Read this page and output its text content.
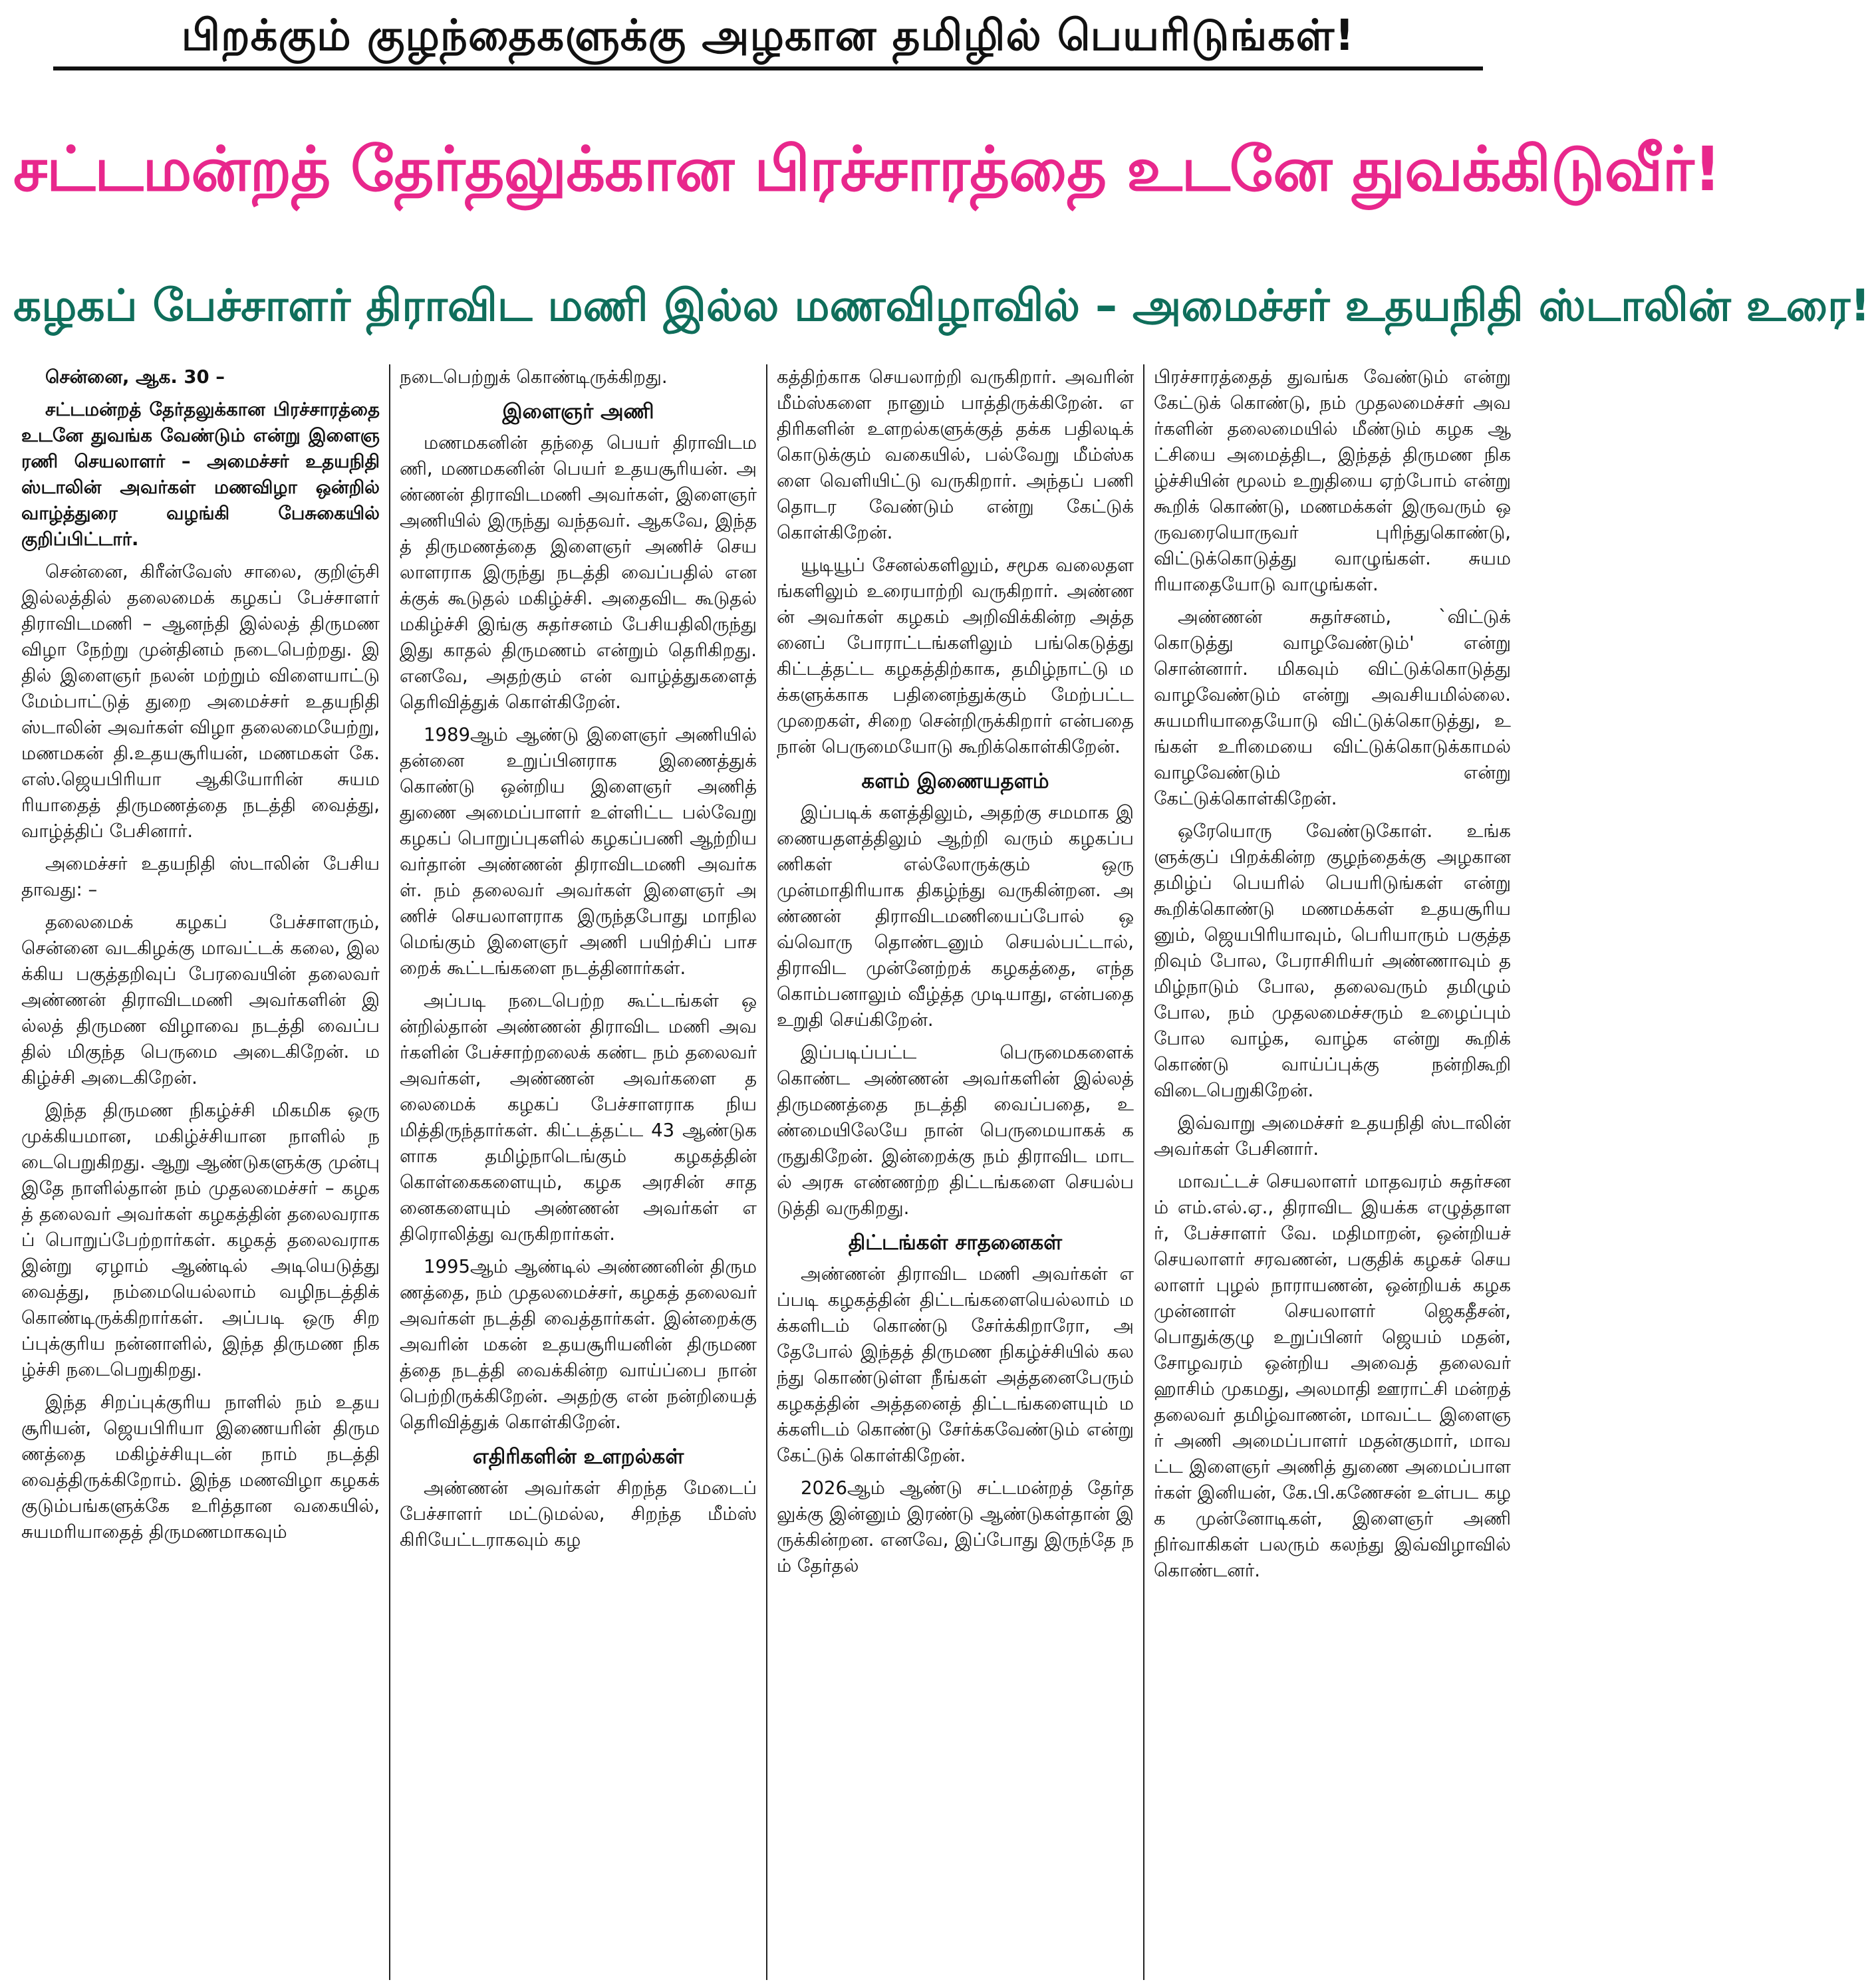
பிறக்கும் குழந்தைகளுக்கு அழகான தமிழில் பெயரிடுங்கள்!
சட்டமன்றத் தேர்தலுக்கான பிரச்சாரத்தை உடனே துவக்கிடுவீர்!
கழகப் பேச்சாளர் திராவிட மணி இல்ல மணவிழாவில் – அமைச்சர் உதயநிதி ஸ்டாலின் உரை!

சென்னை, ஆக. 30 –

சட்டமன்றத் தேர்தலுக்கான பிரச்சாரத்தை உடனே துவங்க வேண்டும் என்று இளைஞரணி செயலாளர் – அமைச்சர் உதயநிதி ஸ்டாலின் அவர்கள் மணவிழா ஒன்றில் வாழ்த்துரை வழங்கி பேசுகையில் குறிப்பிட்டார்.

சென்னை, கிரீன்வேஸ் சாலை, குறிஞ்சி இல்லத்தில் தலைமைக் கழகப் பேச்சாளர் திராவிடமணி – ஆனந்தி இல்லத் திருமண விழா நேற்று முன்தினம் நடைபெற்றது. இதில் இளைஞர் நலன் மற்றும் விளையாட்டு மேம்பாட்டுத் துறை அமைச்சர் உதயநிதி ஸ்டாலின் அவர்கள் விழா தலைமையேற்று, மணமகன் தி.உதயசூரியன், மணமகள் கே.எஸ்.ஜெயபிரியா ஆகியோரின் சுயமரியாதைத் திருமணத்தை நடத்தி வைத்து, வாழ்த்திப் பேசினார்.

அமைச்சர் உதயநிதி ஸ்டாலின் பேசியதாவது: –

தலைமைக் கழகப் பேச்சாளரும், சென்னை வடகிழக்கு மாவட்டக் கலை, இலக்கிய பகுத்தறிவுப் பேரவையின் தலைவர் அண்ணன் திராவிடமணி அவர்களின் இல்லத் திருமண விழாவை நடத்தி வைப்பதில் மிகுந்த பெருமை அடைகிறேன். மகிழ்ச்சி அடைகிறேன்.

இந்த திருமண நிகழ்ச்சி மிகமிக ஒரு முக்கியமான, மகிழ்ச்சியான நாளில் நடைபெறுகிறது. ஆறு ஆண்டுகளுக்கு முன்பு இதே நாளில்தான் நம் முதலமைச்சர் – கழகத் தலைவர் அவர்கள் கழகத்தின் தலைவராகப் பொறுப்பேற்றார்கள். கழகத் தலைவராக இன்று ஏழாம் ஆண்டில் அடியெடுத்து வைத்து, நம்மையெல்லாம் வழிநடத்திக் கொண்டிருக்கிறார்கள். அப்படி ஒரு சிறப்புக்குரிய நன்னாளில், இந்த திருமண நிகழ்ச்சி நடைபெறுகிறது.

இந்த சிறப்புக்குரிய நாளில் நம் உதயசூரியன், ஜெயபிரியா இணையரின் திருமணத்தை மகிழ்ச்சியுடன் நாம் நடத்தி வைத்திருக்கிறோம். இந்த மணவிழா கழகக் குடும்பங்களுக்கே உரித்தான வகையில், சுயமரியாதைத் திருமணமாகவும்

நடைபெற்றுக் கொண்டிருக்கிறது.

இளைஞர் அணி

மணமகனின் தந்தை பெயர் திராவிடமணி, மணமகனின் பெயர் உதயசூரியன். அண்ணன் திராவிடமணி அவர்கள், இளைஞர் அணியில் இருந்து வந்தவர். ஆகவே, இந்தத் திருமணத்தை இளைஞர் அணிச் செயலாளராக இருந்து நடத்தி வைப்பதில் எனக்குக் கூடுதல் மகிழ்ச்சி. அதைவிட கூடுதல் மகிழ்ச்சி இங்கு சுதர்சனம் பேசியதிலிருந்து இது காதல் திருமணம் என்றும் தெரிகிறது. எனவே, அதற்கும் என் வாழ்த்துகளைத் தெரிவித்துக் கொள்கிறேன்.

1989ஆம் ஆண்டு இளைஞர் அணியில் தன்னை உறுப்பினராக இணைத்துக் கொண்டு ஒன்றிய இளைஞர் அணித் துணை அமைப்பாளர் உள்ளிட்ட பல்வேறு கழகப் பொறுப்புகளில் கழகப்பணி ஆற்றியவர்தான் அண்ணன் திராவிடமணி அவர்கள். நம் தலைவர் அவர்கள் இளைஞர் அணிச் செயலாளராக இருந்தபோது மாநிலமெங்கும் இளைஞர் அணி பயிற்சிப் பாசறைக் கூட்டங்களை நடத்தினார்கள்.

அப்படி நடைபெற்ற கூட்டங்கள் ஒன்றில்தான் அண்ணன் திராவிட மணி அவர்களின் பேச்சாற்றலைக் கண்ட நம் தலைவர் அவர்கள், அண்ணன் அவர்களை தலைமைக் கழகப் பேச்சாளராக நியமித்திருந்தார்கள். கிட்டத்தட்ட 43 ஆண்டுகளாக தமிழ்நாடெங்கும் கழகத்தின் கொள்கைகளையும், கழக அரசின் சாதனைகளையும் அண்ணன் அவர்கள் எதிரொலித்து வருகிறார்கள்.

1995ஆம் ஆண்டில் அண்ணனின் திருமணத்தை, நம் முதலமைச்சர், கழகத் தலைவர் அவர்கள் நடத்தி வைத்தார்கள். இன்றைக்கு அவரின் மகன் உதயசூரியனின் திருமணத்தை நடத்தி வைக்கின்ற வாய்ப்பை நான் பெற்றிருக்கிறேன். அதற்கு என் நன்றியைத் தெரிவித்துக் கொள்கிறேன்.

எதிரிகளின் உளறல்கள்

அண்ணன் அவர்கள் சிறந்த மேடைப் பேச்சாளர் மட்டுமல்ல, சிறந்த மீம்ஸ் கிரியேட்டராகவும் கழ

கத்திற்காக செயலாற்றி வருகிறார். அவரின் மீம்ஸ்களை நானும் பாத்திருக்கிறேன். எதிரிகளின் உளறல்களுக்குத் தக்க பதிலடிக் கொடுக்கும் வகையில், பல்வேறு மீம்ஸ்களை வெளியிட்டு வருகிறார். அந்தப் பணி தொடர வேண்டும் என்று கேட்டுக் கொள்கிறேன்.

யூடியூப் சேனல்களிலும், சமூக வலைதளங்களிலும் உரையாற்றி வருகிறார். அண்ணன் அவர்கள் கழகம் அறிவிக்கின்ற அத்தனைப் போராட்டங்களிலும் பங்கெடுத்து கிட்டத்தட்ட கழகத்திற்காக, தமிழ்நாட்டு மக்களுக்காக பதினைந்துக்கும் மேற்பட்ட முறைகள், சிறை சென்றிருக்கிறார் என்பதை நான் பெருமையோடு கூறிக்கொள்கிறேன்.

களம் இணையதளம்

இப்படிக் களத்திலும், அதற்கு சமமாக இணையதளத்திலும் ஆற்றி வரும் கழகப்பணிகள் எல்லோருக்கும் ஒரு முன்மாதிரியாக திகழ்ந்து வருகின்றன. அண்ணன் திராவிடமணியைப்போல் ஒவ்வொரு தொண்டனும் செயல்பட்டால், திராவிட முன்னேற்றக் கழகத்தை, எந்த கொம்பனாலும் வீழ்த்த முடியாது, என்பதை உறுதி செய்கிறேன்.

இப்படிப்பட்ட பெருமைகளைக் கொண்ட அண்ணன் அவர்களின் இல்லத் திருமணத்தை நடத்தி வைப்பதை, உண்மையிலேயே நான் பெருமையாகக் கருதுகிறேன். இன்றைக்கு நம் திராவிட மாடல் அரசு எண்ணற்ற திட்டங்களை செயல்படுத்தி வருகிறது.

திட்டங்கள் சாதனைகள்

அண்ணன் திராவிட மணி அவர்கள் எப்படி கழகத்தின் திட்டங்களையெல்லாம் மக்களிடம் கொண்டு சேர்க்கிறாரோ, அதேபோல் இந்தத் திருமண நிகழ்ச்சியில் கலந்து கொண்டுள்ள நீங்கள் அத்தனைபேரும் கழகத்தின் அத்தனைத் திட்டங்களையும் மக்களிடம் கொண்டு சேர்க்கவேண்டும் என்று கேட்டுக் கொள்கிறேன்.

2026ஆம் ஆண்டு சட்டமன்றத் தேர்தலுக்கு இன்னும் இரண்டு ஆண்டுகள்தான் இருக்கின்றன. எனவே, இப்போது இருந்தே நம் தேர்தல்

பிரச்சாரத்தைத் துவங்க வேண்டும் என்று கேட்டுக் கொண்டு, நம் முதலமைச்சர் அவர்களின் தலைமையில் மீண்டும் கழக ஆட்சியை அமைத்திட, இந்தத் திருமண நிகழ்ச்சியின் மூலம் உறுதியை ஏற்போம் என்று கூறிக் கொண்டு, மணமக்கள் இருவரும் ஒருவரையொருவர் புரிந்துகொண்டு, விட்டுக்கொடுத்து வாழுங்கள். சுயமரியாதையோடு வாழுங்கள்.

அண்ணன் சுதர்சனம், `விட்டுக் கொடுத்து வாழவேண்டும்' என்று சொன்னார். மிகவும் விட்டுக்கொடுத்து வாழவேண்டும் என்று அவசியமில்லை. சுயமரியாதையோடு விட்டுக்கொடுத்து, உங்கள் உரிமையை விட்டுக்கொடுக்காமல் வாழவேண்டும் என்று கேட்டுக்கொள்கிறேன்.

ஒரேயொரு வேண்டுகோள். உங்களுக்குப் பிறக்கின்ற குழந்தைக்கு அழகான தமிழ்ப் பெயரில் பெயரிடுங்கள் என்று கூறிக்கொண்டு மணமக்கள் உதயசூரியனும், ஜெயபிரியாவும், பெரியாரும் பகுத்தறிவும் போல, பேராசிரியர் அண்ணாவும் தமிழ்நாடும் போல, தலைவரும் தமிழும் போல, நம் முதலமைச்சரும் உழைப்பும் போல வாழ்க, வாழ்க என்று கூறிக் கொண்டு வாய்ப்புக்கு நன்றிகூறி விடைபெறுகிறேன்.

இவ்வாறு அமைச்சர் உதயநிதி ஸ்டாலின் அவர்கள் பேசினார்.

மாவட்டச் செயலாளர் மாதவரம் சுதர்சனம் எம்.எல்.ஏ., திராவிட இயக்க எழுத்தாளர், பேச்சாளர் வே. மதிமாறன், ஒன்றியச் செயலாளர் சரவணன், பகுதிக் கழகச் செயலாளர் புழல் நாராயணன், ஒன்றியக் கழக முன்னாள் செயலாளர் ஜெகதீசன், பொதுக்குழு உறுப்பினர் ஜெயம் மதன், சோழவரம் ஒன்றிய அவைத் தலைவர் ஹாசிம் முகமது, அலமாதி ஊராட்சி மன்றத் தலைவர் தமிழ்வாணன், மாவட்ட இளைஞர் அணி அமைப்பாளர் மதன்குமார், மாவட்ட இளைஞர் அணித் துணை அமைப்பாளர்கள் இனியன், கே.பி.கணேசன் உள்பட கழக முன்னோடிகள், இளைஞர் அணி நிர்வாகிகள் பலரும் கலந்து இவ்விழாவில் கொண்டனர்.
